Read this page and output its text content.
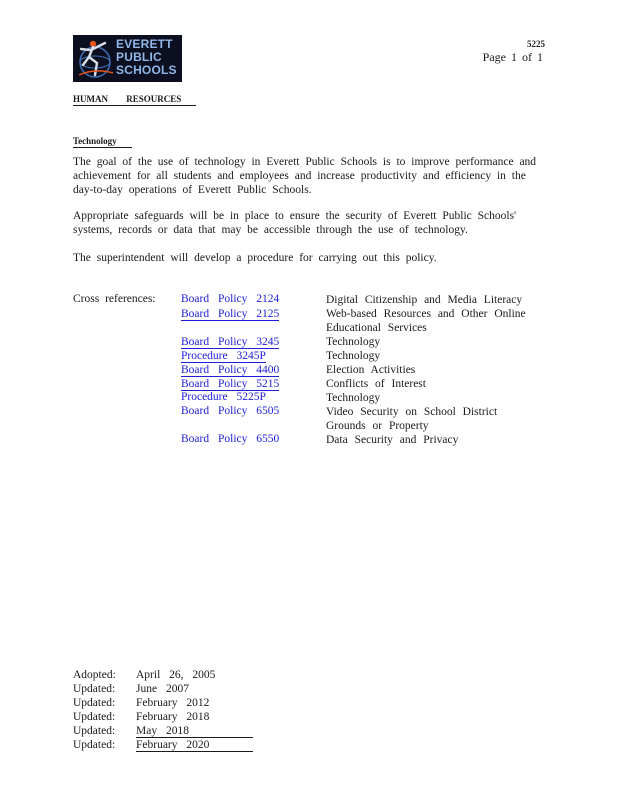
EVERETT
PUBLIC
SCHOOLS
5225
Page 1 of 1
HUMAN RESOURCES
Technology
The goal of the use of technology in Everett Public Schools is to improve performance and achievement for all students and employees and increase productivity and efficiency in the day-to-day operations of Everett Public Schools.
Appropriate safeguards will be in place to ensure the security of Everett Public Schools' systems, records or data that may be accessible through the use of technology.
The superintendent will develop a procedure for carrying out this policy.
Cross references: Board Policy 2124	Digital Citizenship and Media Literacy
Board Policy 2125	Web-based Resources and Other Online Educational Services
Board Policy 3245	Technology
Procedure 3245P	Technology
Board Policy 4400	Election Activities
Board Policy 5215	Conflicts of Interest
Procedure 5225P	Technology
Board Policy 6505	Video Security on School District Grounds or Property
Board Policy 6550	Data Security and Privacy
Adopted: April 26, 2005
Updated: June 2007
Updated: February 2012
Updated: February 2018
Updated: May 2018
Updated: February 2020
